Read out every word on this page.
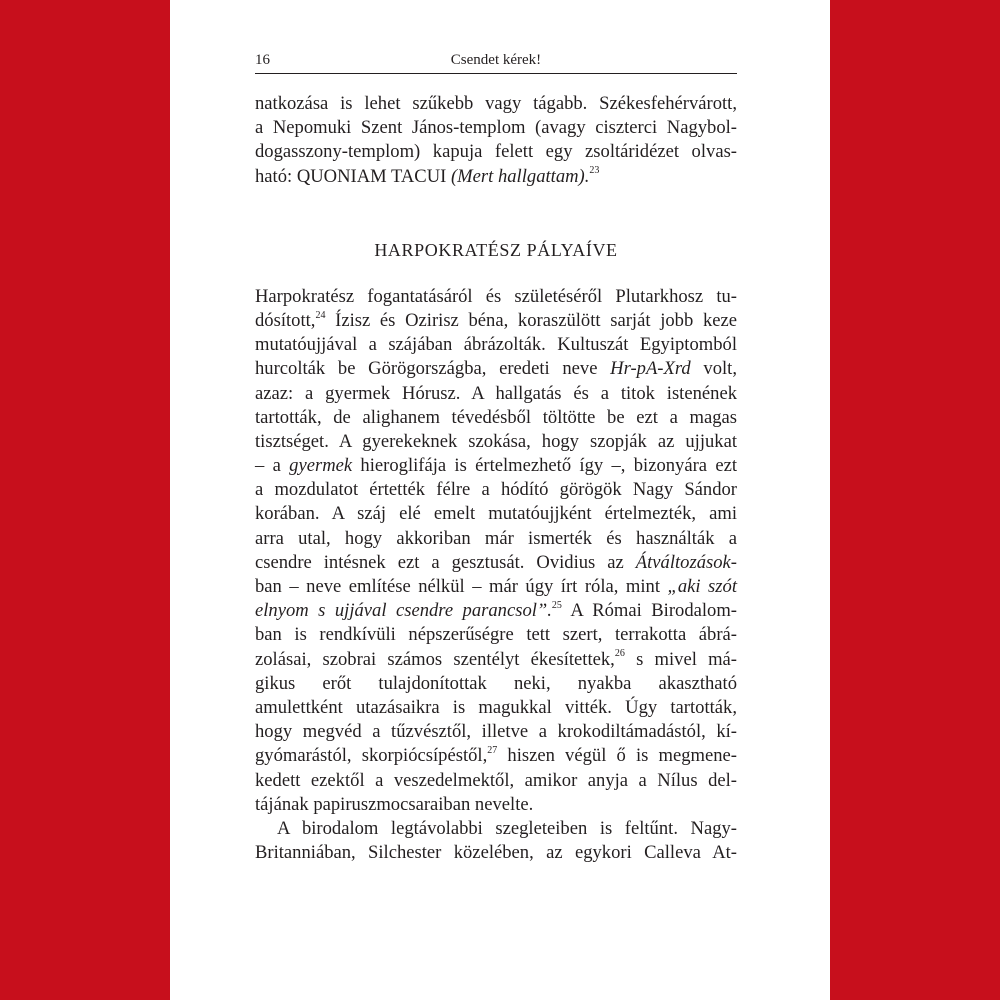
16	Csendet kérek!
natkozása is lehet szűkebb vagy tágabb. Székesfehérvárott,
a Nepomuki Szent János-templom (avagy ciszterci Nagybol-
dogasszony-templom) kapuja felett egy zsoltáridézet olvas-
ható: QUONIAM TACUI (Mert hallgattam).$^{23}$
HARPOKRATÉSZ PÁLYAÍVE
Harpokratész fogantatásáról és születéséről Plutarkhosz tu-
dósított,$^{24}$ Ízisz és Ozirisz béna, koraszülött sarját jobb keze
mutatóujjával a szájában ábrázolták. Kultuszát Egyiptomból
hurcolták be Görögországba, eredeti neve Hr-pA-Xrd volt,
azaz: a gyermek Hórusz. A hallgatás és a titok istenének
tartották, de alighanem tévedésből töltötte be ezt a magas
tisztséget. A gyerekeknek szokása, hogy szopják az ujjukat
– a gyermek hieroglifája is értelmezhető így –, bizonyára ezt
a mozdulatot értették félre a hódító görögök Nagy Sándor
korában. A száj elé emelt mutatóujjként értelmezték, ami
arra utal, hogy akkoriban már ismerték és használták a
csendre intésnek ezt a gesztusát. Ovidius az Átváltozások-
ban – neve említése nélkül – már úgy írt róla, mint „aki szót
elnyom s ujjával csendre parancsol”.$^{25}$ A Római Birodalom-
ban is rendkívüli népszerűségre tett szert, terrakotta ábrá-
zolásai, szobrai számos szentélyt ékesítettek,$^{26}$ s mivel má-
gikus erőt tulajdonítottak neki, nyakba akasztható
amulettként utazásaikra is magukkal vitték. Úgy tartották,
hogy megvéd a tűzvésztől, illetve a krokodiltámadástól, kí-
gyómarástól, skorpiócsípéstől,$^{27}$ hiszen végül ő is megmene-
kedett ezektől a veszedelmektől, amikor anyja a Nílus del-
tájának papiruszmocsaraiban nevelte.
A birodalom legtávolabbi szegleteiben is feltűnt. Nagy-
Britanniában, Silchester közelében, az egykori Calleva At-
